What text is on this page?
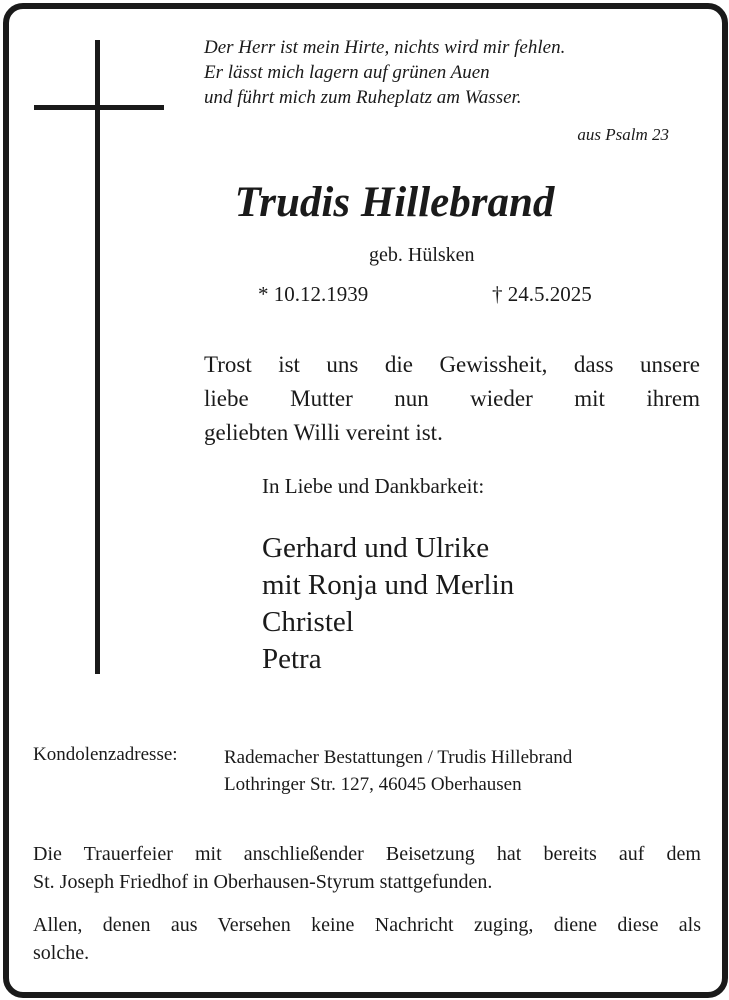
Der Herr ist mein Hirte, nichts wird mir fehlen.
Er lässt mich lagern auf grünen Auen
und führt mich zum Ruheplatz am Wasser.
aus Psalm 23
Trudis Hillebrand
geb. Hülsken
* 10.12.1939	† 24.5.2025

Trost ist uns die Gewissheit, dass unsere
liebe Mutter nun wieder mit ihrem
geliebten Willi vereint ist.

In Liebe und Dankbarkeit:
Gerhard und Ulrike
mit Ronja und Merlin
Christel
Petra
Kondolenzadresse: Rademacher Bestattungen / Trudis Hillebrand
Lothringer Str. 127, 46045 Oberhausen

Die Trauerfeier mit anschließender Beisetzung hat bereits auf dem
St. Joseph Friedhof in Oberhausen-Styrum stattgefunden.

Allen, denen aus Versehen keine Nachricht zuging, diene diese als
solche.
